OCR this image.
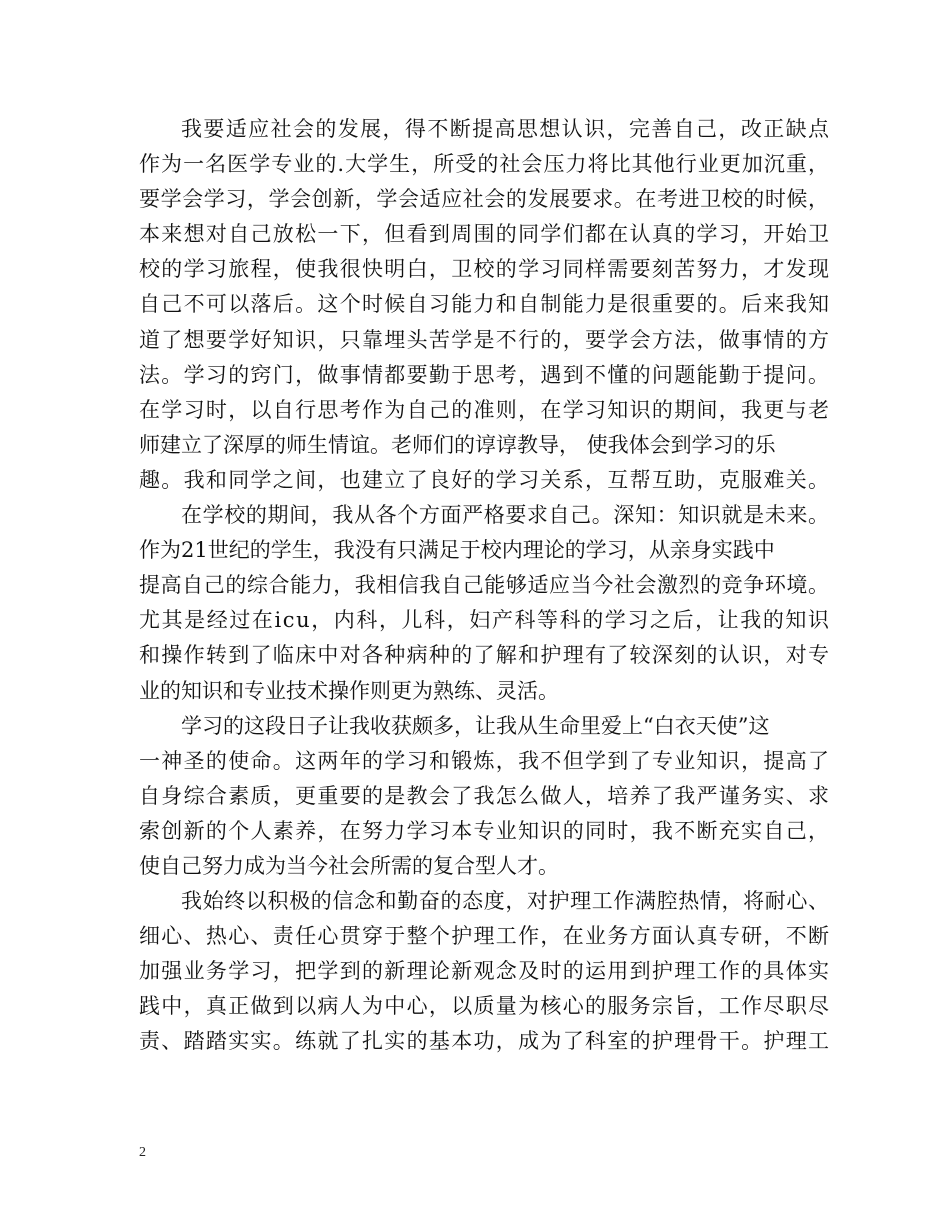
我要适应社会的发展，得不断提高思想认识，完善自己，改正缺点
作为一名医学专业的.大学生，所受的社会压力将比其他行业更加沉重，
要学会学习，学会创新，学会适应社会的发展要求。在考进卫校的时候，
本来想对自己放松一下，但看到周围的同学们都在认真的学习，开始卫
校的学习旅程，使我很快明白，卫校的学习同样需要刻苦努力，才发现
自己不可以落后。这个时候自习能力和自制能力是很重要的。后来我知
道了想要学好知识，只靠埋头苦学是不行的，要学会方法，做事情的方
法。学习的窍门，做事情都要勤于思考，遇到不懂的问题能勤于提问。
在学习时，以自行思考作为自己的准则，在学习知识的期间，我更与老
师建立了深厚的师生情谊。老师们的谆谆教导， 使我体会到学习的乐
趣。我和同学之间，也建立了良好的学习关系，互帮互助，克服难关。
在学校的期间，我从各个方面严格要求自己。深知：知识就是未来。
作为21世纪的学生，我没有只满足于校内理论的学习，从亲身实践中
提高自己的综合能力，我相信我自己能够适应当今社会激烈的竞争环境。
尤其是经过在icu，内科，儿科，妇产科等科的学习之后，让我的知识
和操作转到了临床中对各种病种的了解和护理有了较深刻的认识，对专
业的知识和专业技术操作则更为熟练、灵活。
学习的这段日子让我收获颇多，让我从生命里爱上“白衣天使”这
一神圣的使命。这两年的学习和锻炼，我不但学到了专业知识，提高了
自身综合素质，更重要的是教会了我怎么做人，培养了我严谨务实、求
索创新的个人素养，在努力学习本专业知识的同时，我不断充实自己，
使自己努力成为当今社会所需的复合型人才。
我始终以积极的信念和勤奋的态度，对护理工作满腔热情，将耐心、
细心、热心、责任心贯穿于整个护理工作，在业务方面认真专研，不断
加强业务学习，把学到的新理论新观念及时的运用到护理工作的具体实
践中，真正做到以病人为中心，以质量为核心的服务宗旨，工作尽职尽
责、踏踏实实。练就了扎实的基本功，成为了科室的护理骨干。护理工
2
